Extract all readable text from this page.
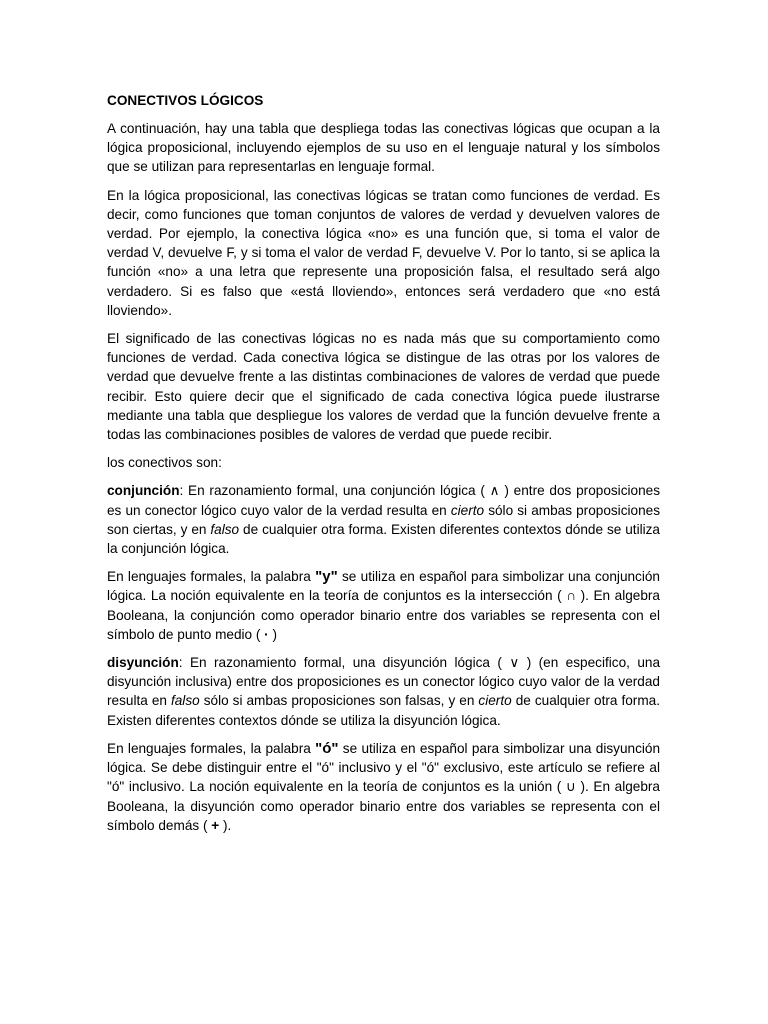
CONECTIVOS LÓGICOS

A continuación, hay una tabla que despliega todas las conectivas lógicas que ocupan a la lógica proposicional, incluyendo ejemplos de su uso en el lenguaje natural y los símbolos que se utilizan para representarlas en lenguaje formal.

En la lógica proposicional, las conectivas lógicas se tratan como funciones de verdad. Es decir, como funciones que toman conjuntos de valores de verdad y devuelven valores de verdad. Por ejemplo, la conectiva lógica «no» es una función que, si toma el valor de verdad V, devuelve F, y si toma el valor de verdad F, devuelve V. Por lo tanto, si se aplica la función «no» a una letra que represente una proposición falsa, el resultado será algo verdadero. Si es falso que «está lloviendo», entonces será verdadero que «no está lloviendo».

El significado de las conectivas lógicas no es nada más que su comportamiento como funciones de verdad. Cada conectiva lógica se distingue de las otras por los valores de verdad que devuelve frente a las distintas combinaciones de valores de verdad que puede recibir. Esto quiere decir que el significado de cada conectiva lógica puede ilustrarse mediante una tabla que despliegue los valores de verdad que la función devuelve frente a todas las combinaciones posibles de valores de verdad que puede recibir.

los conectivos son:

conjunción: En razonamiento formal, una conjunción lógica ( ∧ ) entre dos proposiciones es un conector lógico cuyo valor de la verdad resulta en cierto sólo si ambas proposiciones son ciertas, y en falso de cualquier otra forma. Existen diferentes contextos dónde se utiliza la conjunción lógica.

En lenguajes formales, la palabra "y" se utiliza en español para simbolizar una conjunción lógica. La noción equivalente en la teoría de conjuntos es la intersección ( ∩ ). En algebra Booleana, la conjunción como operador binario entre dos variables se representa con el símbolo de punto medio ( · )

disyunción: En razonamiento formal, una disyunción lógica ( ∨ ) (en especifico, una disyunción inclusiva) entre dos proposiciones es un conector lógico cuyo valor de la verdad resulta en falso sólo si ambas proposiciones son falsas, y en cierto de cualquier otra forma. Existen diferentes contextos dónde se utiliza la disyunción lógica.

En lenguajes formales, la palabra "ó" se utiliza en español para simbolizar una disyunción lógica. Se debe distinguir entre el "ó" inclusivo y el "ó" exclusivo, este artículo se refiere al "ó" inclusivo. La noción equivalente en la teoría de conjuntos es la unión ( ∪ ). En algebra Booleana, la disyunción como operador binario entre dos variables se representa con el símbolo demás ( + ).
